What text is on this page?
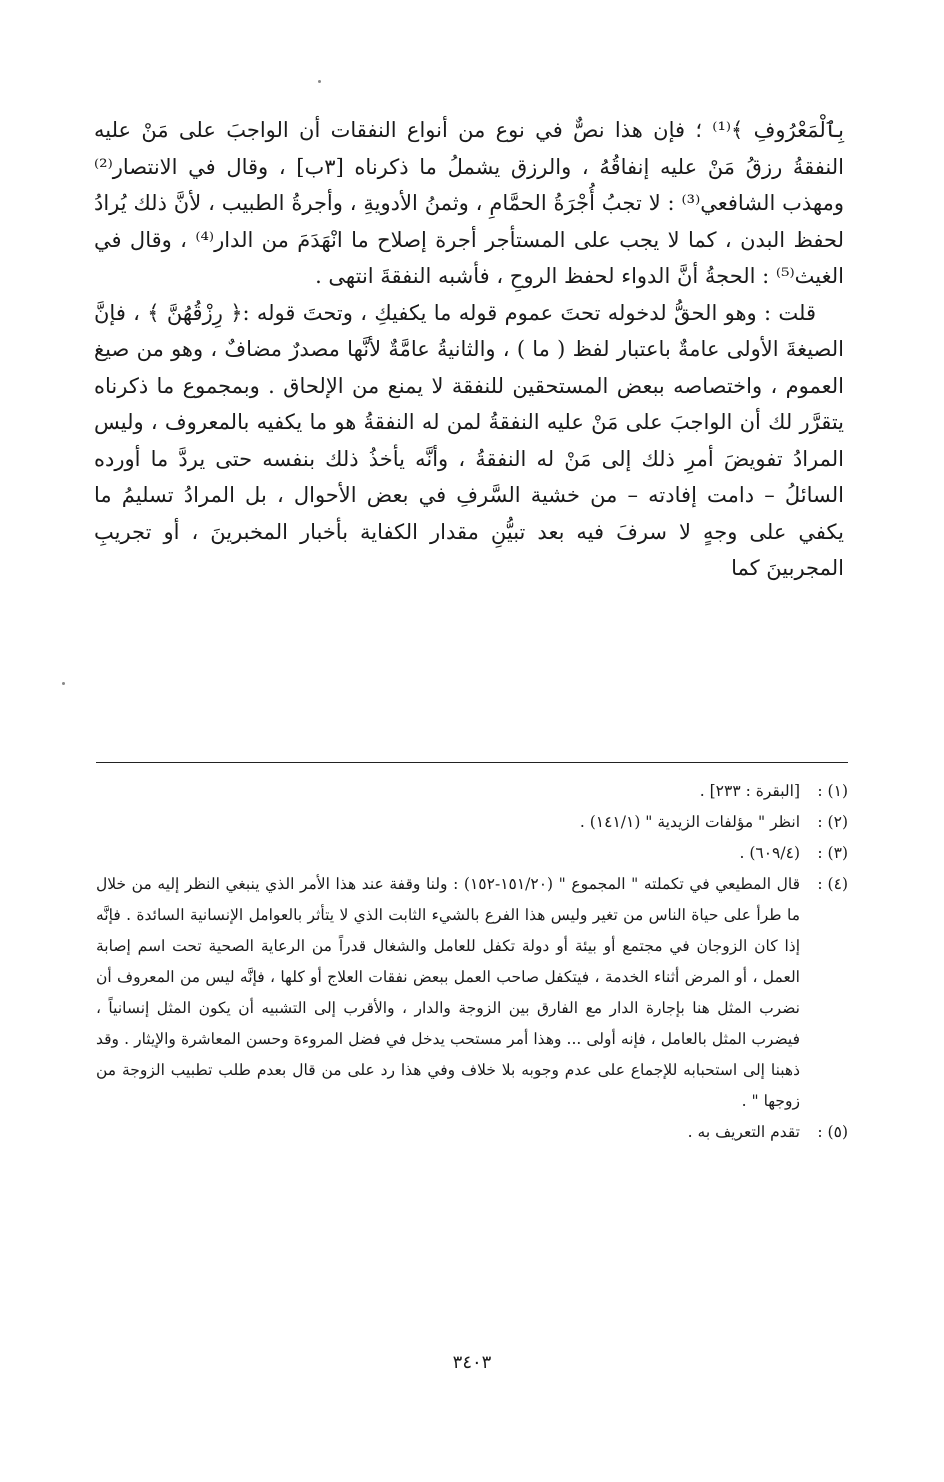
بِٱلْمَعْرُوفِ ﴾⁽¹⁾ ؛ فإن هذا نصٌّ في نوع من أنواع النفقات أن الواجبَ على مَنْ عليه النفقةُ رزقُ مَنْ عليه إنفاقُهُ ، والرزق يشملُ ما ذكرناه [٣ب] ، وقال في الانتصار⁽²⁾ ومهذب الشافعي⁽³⁾ : لا تجبُ أُجْرَةُ الحمَّامِ ، وثمنُ الأدويةِ ، وأجرةُ الطبيب ، لأنَّ ذلك يُرادُ لحفظ البدن ، كما لا يجب على المستأجر أجرة إصلاح ما انْهَدَمَ من الدار⁽⁴⁾ ، وقال في الغيث⁽⁵⁾ : الحجةُ أنَّ الدواء لحفظ الروحِ ، فأشبه النفقةَ انتهى .

قلت : وهو الحقُّ لدخوله تحتَ عموم قوله ما يكفيكِ ، وتحتَ قوله :﴿ رِزْقُهُنَّ ﴾ ، فإنَّ الصيغةَ الأولى عامةٌ باعتبار لفظ ( ما ) ، والثانيةُ عامَّةٌ لأنَّها مصدرٌ مضافٌ ، وهو من صيغ العموم ، واختصاصه ببعض المستحقين للنفقة لا يمنع من الإلحاق . وبمجموع ما ذكرناه يتقرَّر لك أن الواجبَ على مَنْ عليه النفقةُ لمن له النفقةُ هو ما يكفيه بالمعروف ، وليس المرادُ تفويضَ أمرِ ذلك إلى مَنْ له النفقةُ ، وأنَّه يأخذُ ذلك بنفسه حتى يردَّ ما أورده السائلُ – دامت إفادته – من خشية السَّرفِ في بعض الأحوال ، بل المرادُ تسليمُ ما يكفي على وجهٍ لا سرفَ فيه بعد تبيُّنِ مقدار الكفاية بأخبار المخبرينَ ، أو تجريبِ المجربينَ كما

(١) :
[البقرة : ٢٣٣] .
(٢) :
انظر " مؤلفات الزيدية " (١٤١/١) .
(٣) :
(٦٠٩/٤) .
(٤) :
قال المطيعي في تكملته " المجموع " (١٥١/٢٠-١٥٢) : ولنا وقفة عند هذا الأمر الذي ينبغي النظر إليه من خلال ما طرأ على حياة الناس من تغير وليس هذا الفرع بالشيء الثابت الذي لا يتأثر بالعوامل الإنسانية السائدة . فإنَّه إذا كان الزوجان في مجتمع أو بيئة أو دولة تكفل للعامل والشغال قدراً من الرعاية الصحية تحت اسم إصابة العمل ، أو المرض أثناء الخدمة ، فيتكفل صاحب العمل ببعض نفقات العلاج أو كلها ، فإنَّه ليس من المعروف أن نضرب المثل هنا بإجارة الدار مع الفارق بين الزوجة والدار ، والأقرب إلى التشبيه أن يكون المثل إنسانياً ، فيضرب المثل بالعامل ، فإنه أولى ... وهذا أمر مستحب يدخل في فضل المروءة وحسن المعاشرة والإيثار . وقد ذهبنا إلى استحبابه للإجماع على عدم وجوبه بلا خلاف وفي هذا رد على من قال بعدم طلب تطبيب الزوجة من زوجها " .
(٥) :
تقدم التعريف به .
٣٤٠٣
